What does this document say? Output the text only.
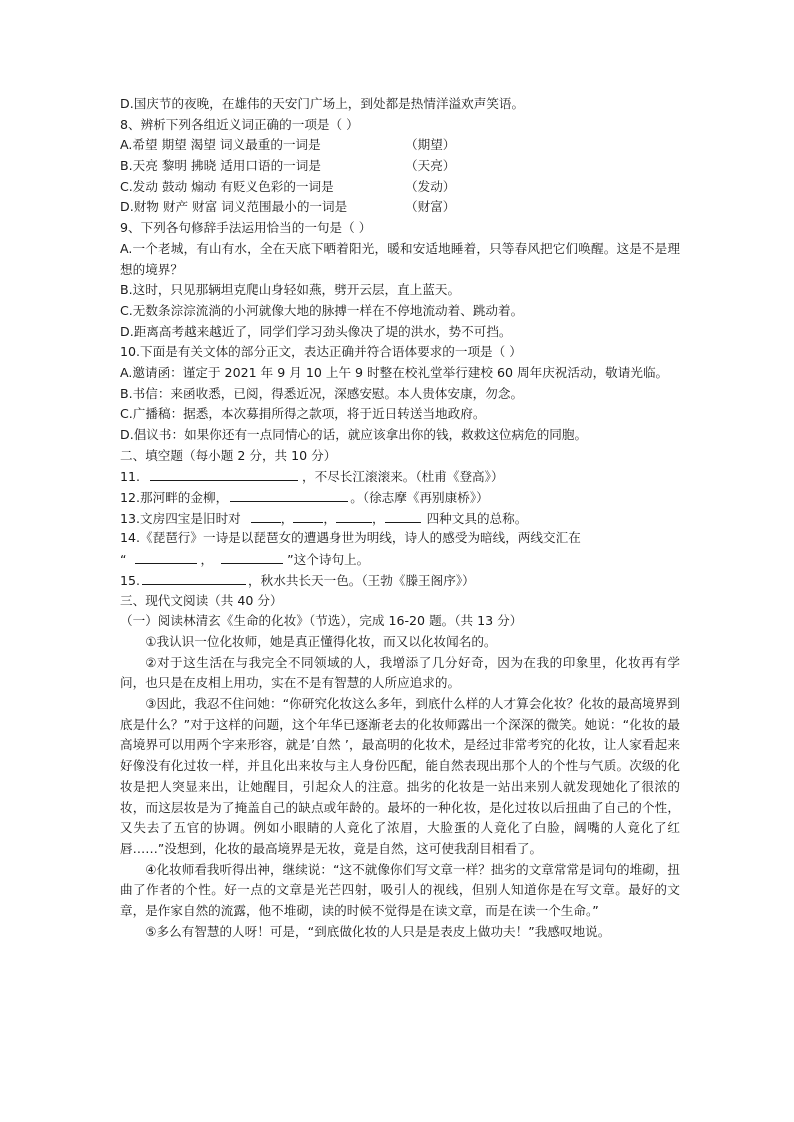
D.国庆节的夜晚，在雄伟的天安门广场上，到处都是热情洋溢欢声笑语。
8、辨析下列各组近义词正确的一项是（ ）
A.希望 期望 渴望 词义最重的一词是	（期望）
B.天亮 黎明 拂晓 适用口语的一词是	（天亮）
C.发动 鼓动 煽动 有贬义色彩的一词是	（发动）
D.财物 财产 财富 词义范围最小的一词是	（财富）
9、下列各句修辞手法运用恰当的一句是（ ）
A.一个老城，有山有水，全在天底下晒着阳光，暖和安适地睡着，只等春风把它们唤醒。这是不是理想的境界？
B.这时，只见那辆坦克爬山身轻如燕，劈开云层，直上蓝天。
C.无数条淙淙流淌的小河就像大地的脉搏一样在不停地流动着、跳动着。
D.距离高考越来越近了，同学们学习劲头像决了堤的洪水，势不可挡。
10.下面是有关文体的部分正文，表达正确并符合语体要求的一项是（ ）
A.邀请函：谨定于 2021 年 9 月 10 上午 9 时整在校礼堂举行建校 60 周年庆祝活动，敬请光临。
B.书信：来函收悉，已阅，得悉近况，深感安慰。本人贵体安康，勿念。
C.广播稿：据悉，本次募捐所得之款项，将于近日转送当地政府。
D.倡议书：如果你还有一点同情心的话，就应该拿出你的钱，救救这位病危的同胞。
二、填空题（每小题 2 分，共 10 分）
11.	，不尽长江滚滚来。（杜甫《登高》）
12.那河畔的金柳，	。（徐志摩《再别康桥》）
13.文房四宝是旧时对	， ，	，	四种文具的总称。
14.《琵琶行》一诗是以琵琶女的遭遇身世为明线，诗人的感受为暗线，两线交汇在
“	，	”这个诗句上。
15.	，秋水共长天一色。（王勃《滕王阁序》）
三、现代文阅读（共 40 分）
（一）阅读林清玄《生命的化妆》（节选），完成 16-20 题。（共 13 分）
①我认识一位化妆师，她是真正懂得化妆，而又以化妆闻名的。
②对于这生活在与我完全不同领域的人，我增添了几分好奇，因为在我的印象里，化妆再有学问，也只是在皮相上用功，实在不是有智慧的人所应追求的。
③因此，我忍不住问她：“你研究化妆这么多年，到底什么样的人才算会化妆？化妆的最高境界到底是什么？”对于这样的问题，这个年华已逐渐老去的化妆师露出一个深深的微笑。她说：“化妆的最高境界可以用两个字来形容，就是’自然 ’，最高明的化妆术，是经过非常考究的化妆，让人家看起来好像没有化过妆一样，并且化出来妆与主人身份匹配，能自然表现出那个人的个性与气质。次级的化妆是把人突显来出，让她醒目，引起众人的注意。拙劣的化妆是一站出来别人就发现她化了很浓的妆，而这层妆是为了掩盖自己的缺点或年龄的。最坏的一种化妆，是化过妆以后扭曲了自己的个性，又失去了五官的协调。例如小眼睛的人竟化了浓眉，大脸蛋的人竟化了白脸，阔嘴的人竟化了红唇……”没想到，化妆的最高境界是无妆，竟是自然，这可使我刮目相看了。
④化妆师看我听得出神，继续说：“这不就像你们写文章一样？拙劣的文章常常是词句的堆砌，扭曲了作者的个性。好一点的文章是光芒四射，吸引人的视线，但别人知道你是在写文章。最好的文章，是作家自然的流露，他不堆砌，读的时候不觉得是在读文章，而是在读一个生命。”
⑤多么有智慧的人呀！可是，“到底做化妆的人只是是表皮上做功夫！”我感叹地说。
